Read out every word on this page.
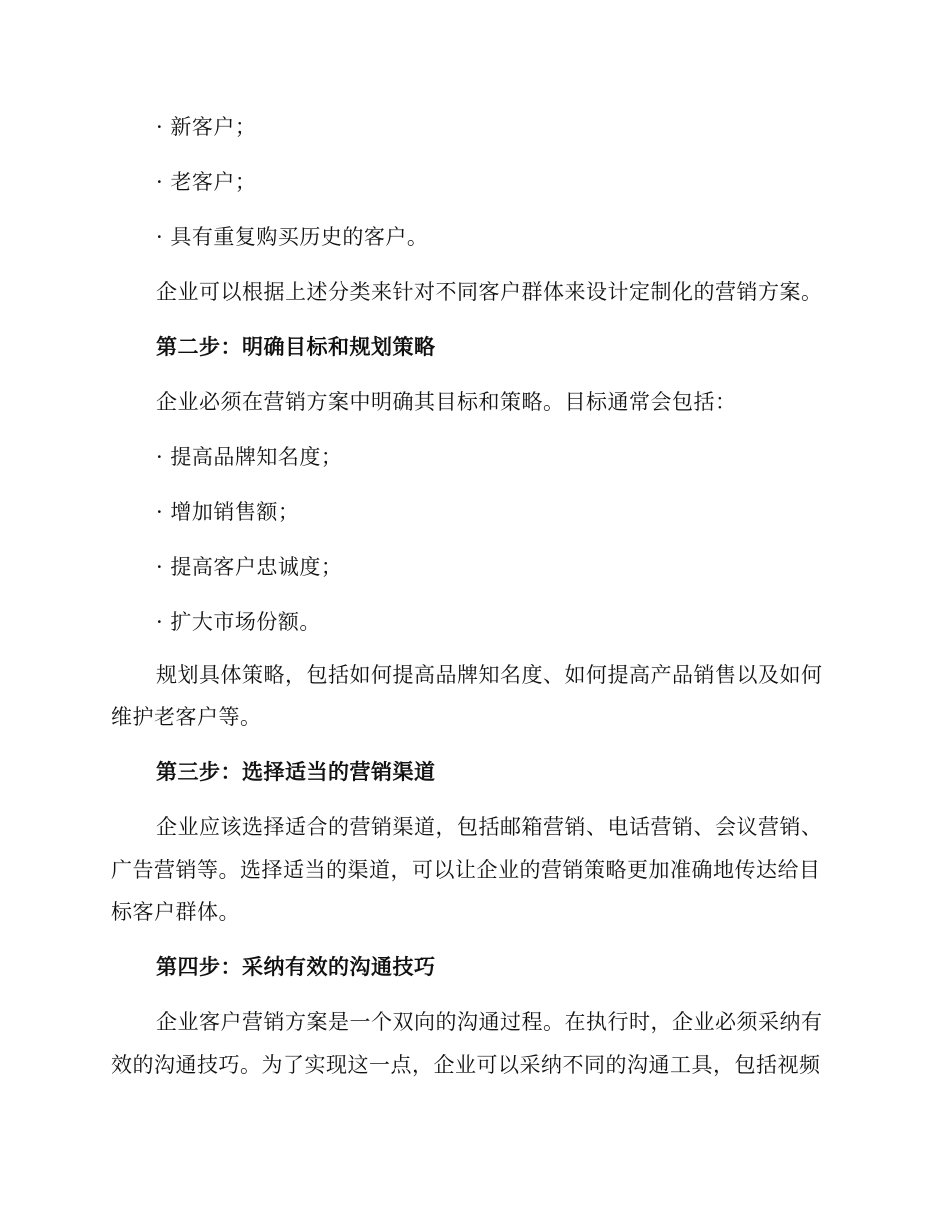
· 新客户；
· 老客户；
· 具有重复购买历史的客户。
企业可以根据上述分类来针对不同客户群体来设计定制化的营销方案。
第二步：明确目标和规划策略
企业必须在营销方案中明确其目标和策略。目标通常会包括：
· 提高品牌知名度；
· 增加销售额；
· 提高客户忠诚度；
· 扩大市场份额。
规划具体策略，包括如何提高品牌知名度、如何提高产品销售以及如何
维护老客户等。
第三步：选择适当的营销渠道
企业应该选择适合的营销渠道，包括邮箱营销、电话营销、会议营销、
广告营销等。选择适当的渠道，可以让企业的营销策略更加准确地传达给目
标客户群体。
第四步：采纳有效的沟通技巧
企业客户营销方案是一个双向的沟通过程。在执行时，企业必须采纳有
效的沟通技巧。为了实现这一点，企业可以采纳不同的沟通工具，包括视频
